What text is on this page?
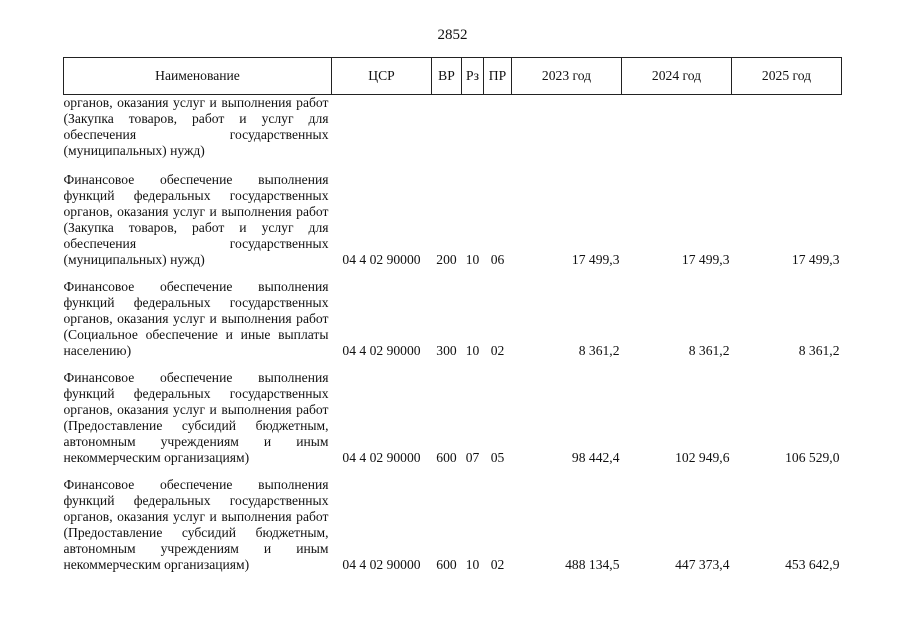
2852
Наименование	ЦСР	ВР	Рз	ПР	2023 год	2024 год	2025 год
органов, оказания услуг и выполнения работ (Закупка товаров, работ и услуг для обеспечения государственных (муниципальных) нужд)							
Финансовое обеспечение выполнения функций федеральных государственных органов, оказания услуг и выполнения работ (Закупка товаров, работ и услуг для обеспечения государственных (муниципальных) нужд)	04 4 02 90000	200	10	06	17 499,3	17 499,3	17 499,3
Финансовое обеспечение выполнения функций федеральных государственных органов, оказания услуг и выполнения работ (Социальное обеспечение и иные выплаты населению)	04 4 02 90000	300	10	02	8 361,2	8 361,2	8 361,2
Финансовое обеспечение выполнения функций федеральных государственных органов, оказания услуг и выполнения работ (Предоставление субсидий бюджетным, автономным учреждениям и иным некоммерческим организациям)	04 4 02 90000	600	07	05	98 442,4	102 949,6	106 529,0
Финансовое обеспечение выполнения функций федеральных государственных органов, оказания услуг и выполнения работ (Предоставление субсидий бюджетным, автономным учреждениям и иным некоммерческим организациям)	04 4 02 90000	600	10	02	488 134,5	447 373,4	453 642,9
